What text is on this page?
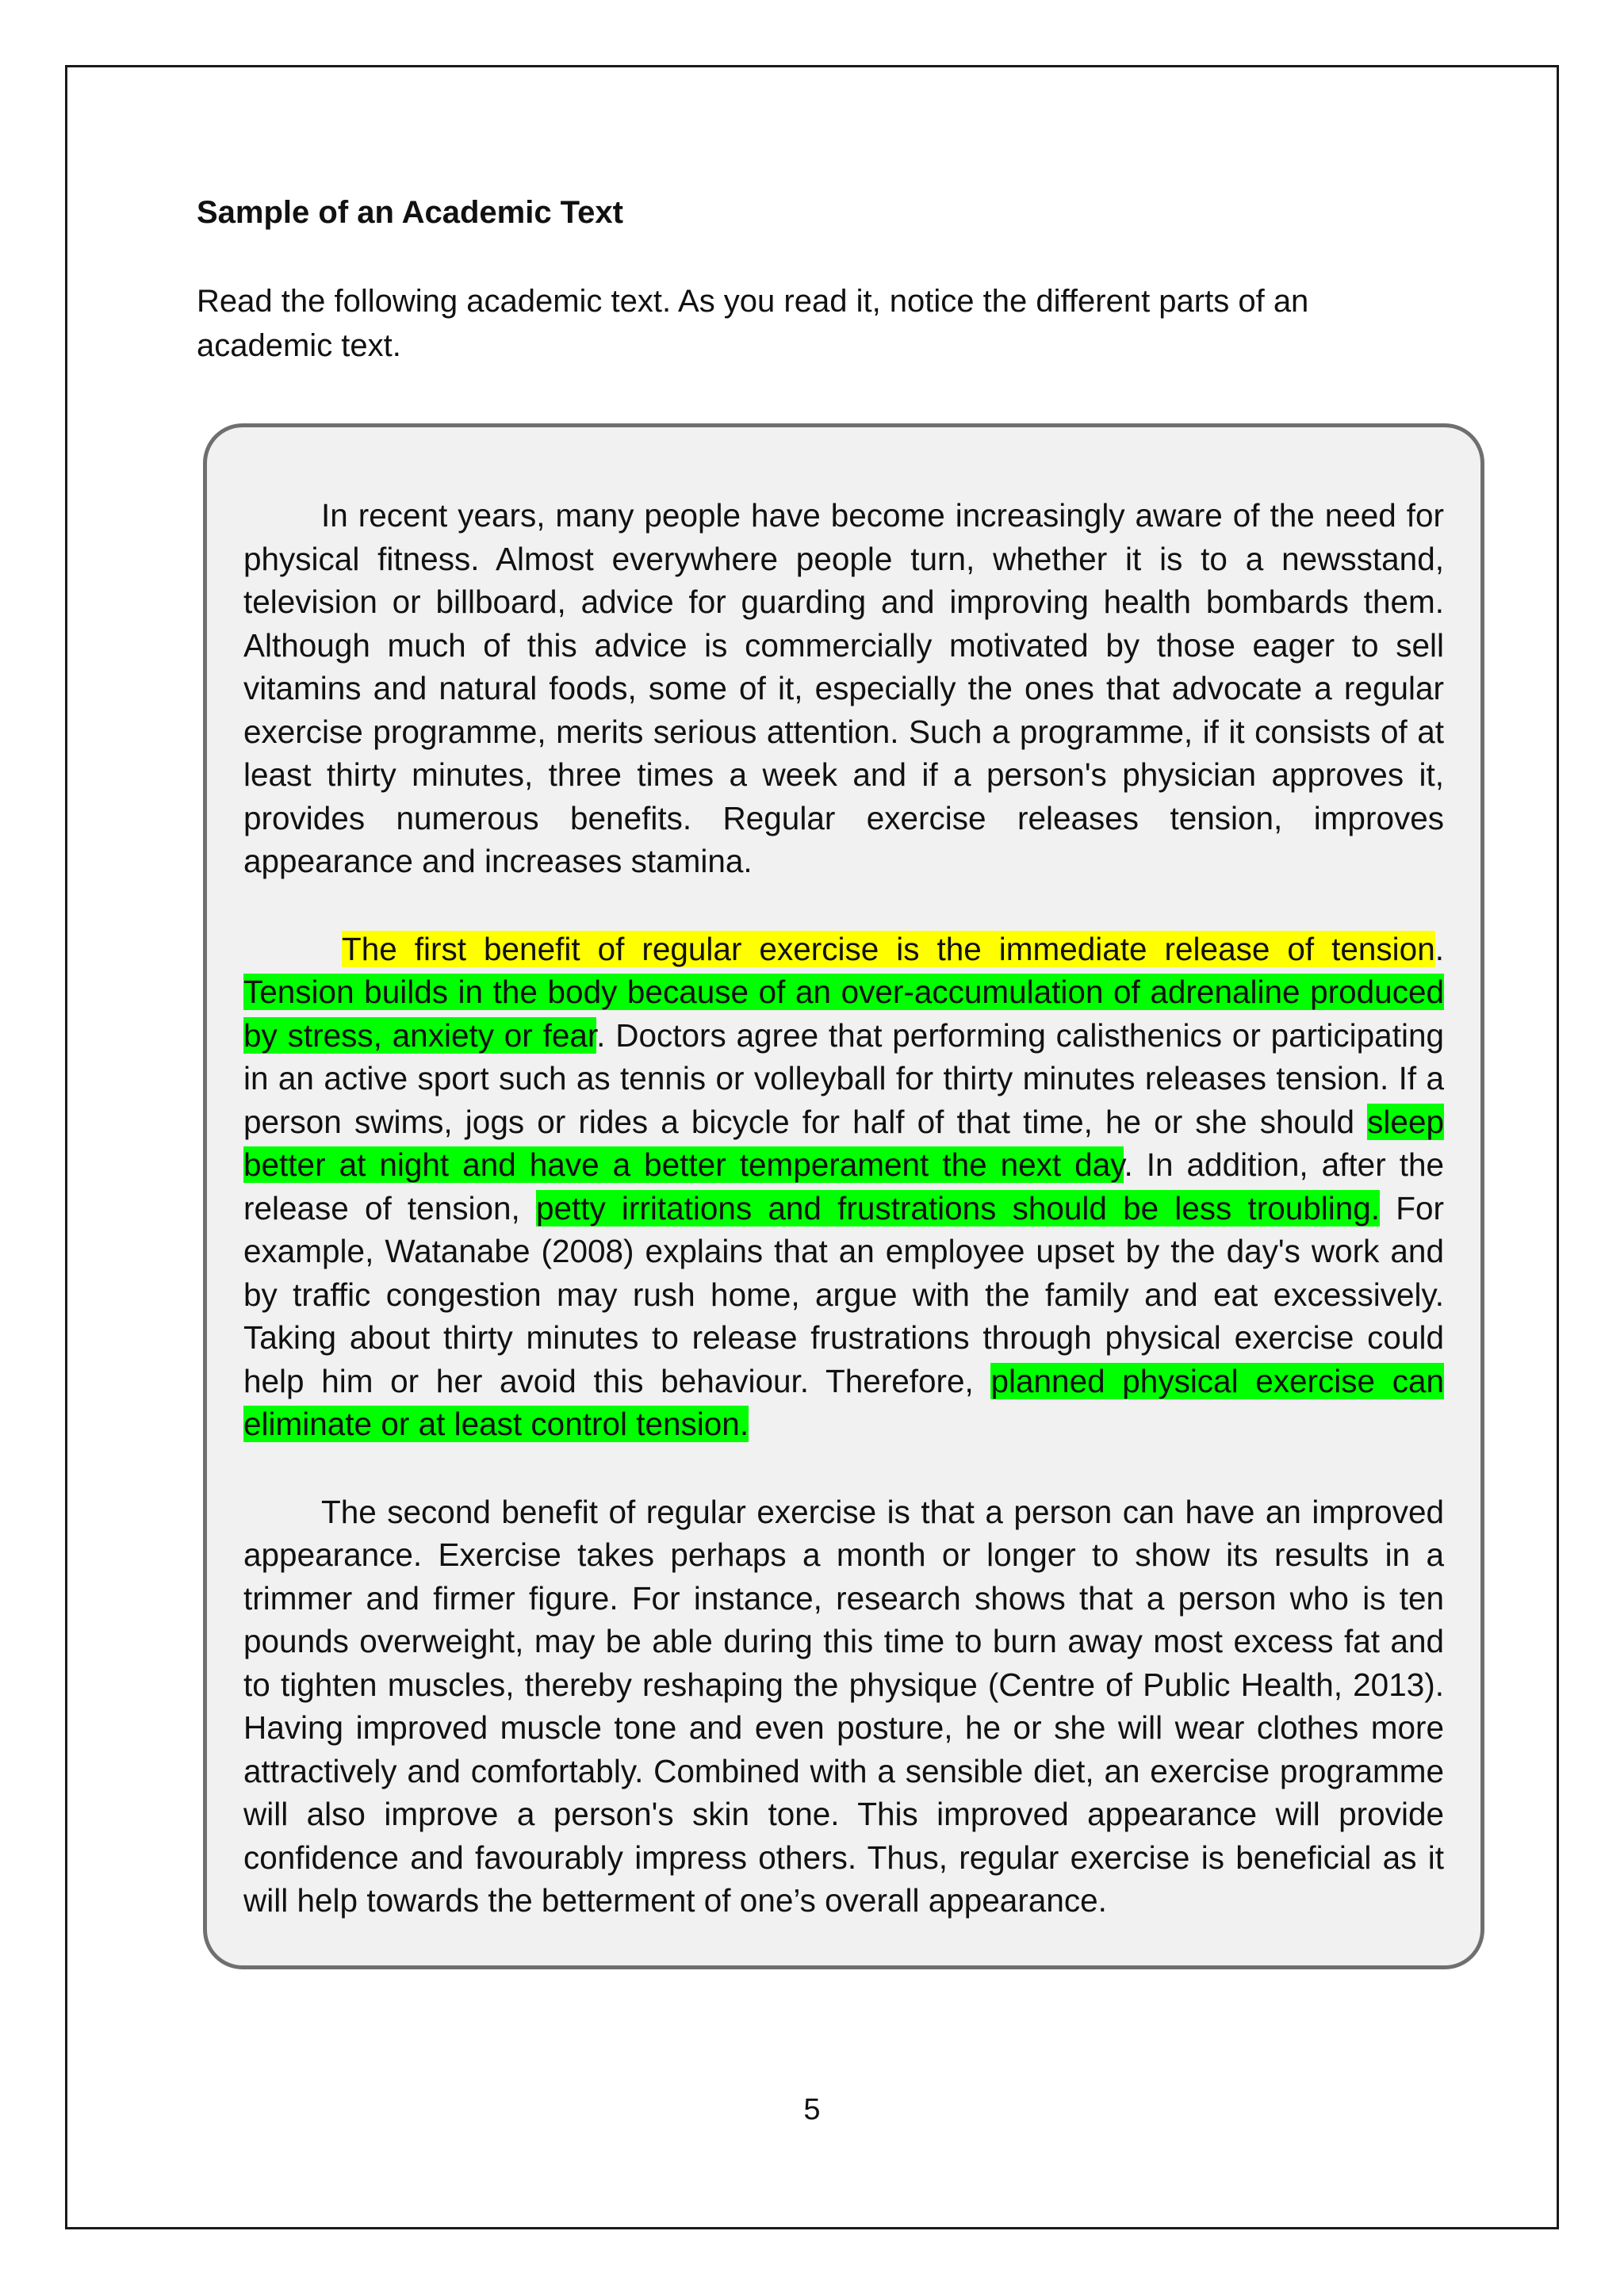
Sample of an Academic Text

Read the following academic text. As you read it, notice the different parts of an academic text.

In recent years, many people have become increasingly aware of the need for physical fitness. Almost everywhere people turn, whether it is to a newsstand, television or billboard, advice for guarding and improving health bombards them. Although much of this advice is commercially motivated by those eager to sell vitamins and natural foods, some of it, especially the ones that advocate a regular exercise programme, merits serious attention. Such a programme, if it consists of at least thirty minutes, three times a week and if a person's physician approves it, provides numerous benefits. Regular exercise releases tension, improves appearance and increases stamina.

The first benefit of regular exercise is the immediate release of tension. Tension builds in the body because of an over-accumulation of adrenaline produced by stress, anxiety or fear. Doctors agree that performing calisthenics or participating in an active sport such as tennis or volleyball for thirty minutes releases tension. If a person swims, jogs or rides a bicycle for half of that time, he or she should sleep better at night and have a better temperament the next day. In addition, after the release of tension, petty irritations and frustrations should be less troubling. For example, Watanabe (2008) explains that an employee upset by the day's work and by traffic congestion may rush home, argue with the family and eat excessively. Taking about thirty minutes to release frustrations through physical exercise could help him or her avoid this behaviour. Therefore, planned physical exercise can eliminate or at least control tension.

The second benefit of regular exercise is that a person can have an improved appearance. Exercise takes perhaps a month or longer to show its results in a trimmer and firmer figure. For instance, research shows that a person who is ten pounds overweight, may be able during this time to burn away most excess fat and to tighten muscles, thereby reshaping the physique (Centre of Public Health, 2013). Having improved muscle tone and even posture, he or she will wear clothes more attractively and comfortably. Combined with a sensible diet, an exercise programme will also improve a person's skin tone. This improved appearance will provide confidence and favourably impress others. Thus, regular exercise is beneficial as it will help towards the betterment of one’s overall appearance.

5
